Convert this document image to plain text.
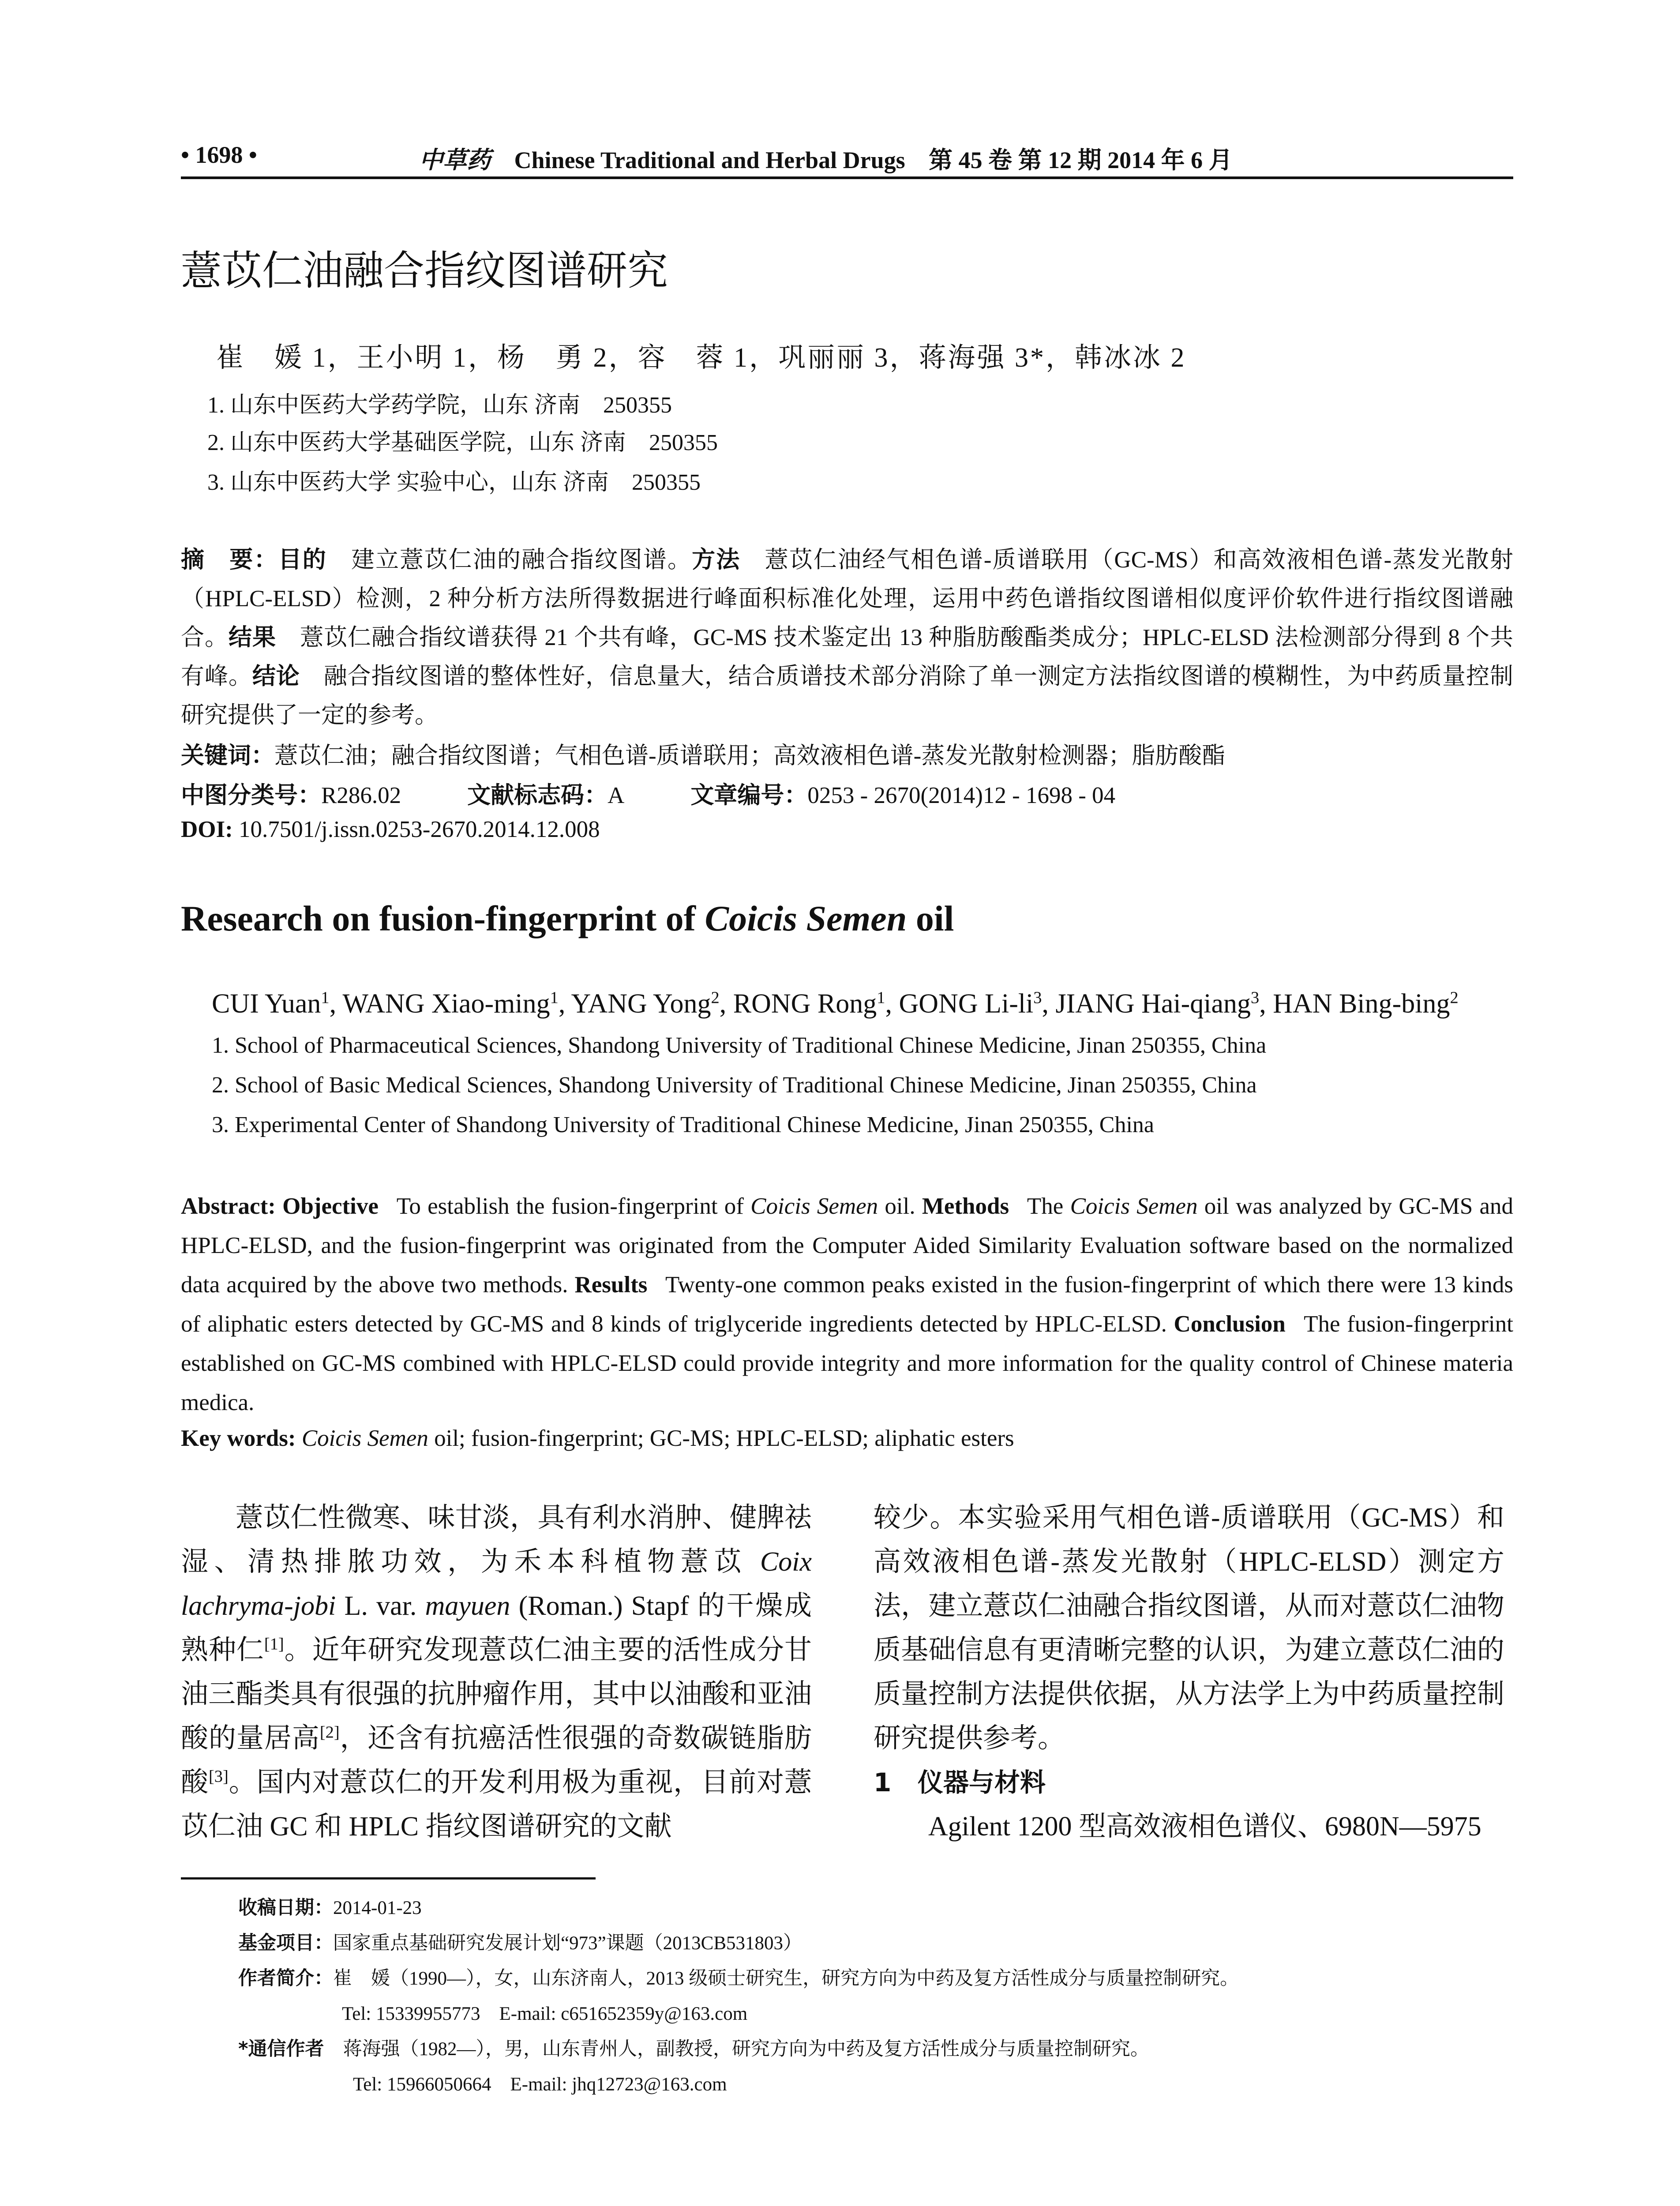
• 1698 •	中草药 Chinese Traditional and Herbal Drugs 第 45 卷 第 12 期 2014 年 6 月
薏苡仁油融合指纹图谱研究
崔　媛 1，王小明 1，杨　勇 2，容　蓉 1，巩丽丽 3，蒋海强 3*，韩冰冰 2
1. 山东中医药大学药学院，山东 济南　250355
2. 山东中医药大学基础医学院，山东 济南　250355
3. 山东中医药大学 实验中心，山东 济南　250355
摘　要：目的  建立薏苡仁油的融合指纹图谱。方法  薏苡仁油经气相色谱-质谱联用（GC-MS）和高效液相色谱-蒸发光散射（HPLC-ELSD）检测，2 种分析方法所得数据进行峰面积标准化处理，运用中药色谱指纹图谱相似度评价软件进行指纹图谱融合。结果  薏苡仁融合指纹谱获得 21 个共有峰，GC-MS 技术鉴定出 13 种脂肪酸酯类成分；HPLC-ELSD 法检测部分得到 8 个共有峰。结论  融合指纹图谱的整体性好，信息量大，结合质谱技术部分消除了单一测定方法指纹图谱的模糊性，为中药质量控制研究提供了一定的参考。
关键词：薏苡仁油；融合指纹图谱；气相色谱-质谱联用；高效液相色谱-蒸发光散射检测器；脂肪酸酯
中图分类号：R286.02	文献标志码：A	文章编号：0253 - 2670(2014)12 - 1698 - 04
DOI: 10.7501/j.issn.0253-2670.2014.12.008
Research on fusion-fingerprint of Coicis Semen oil
CUI Yuan$^1$, WANG Xiao-ming$^1$, YANG Yong$^2$, RONG Rong$^1$, GONG $Li-li^3$, JIANG Hai-qiang$^3$, HAN Bing-bing$^2$
1. School of Pharmaceutical Sciences, Shandong University of Traditional Chinese Medicine, Jinan 250355, China
2. School of Basic Medical Sciences, Shandong University of Traditional Chinese Medicine, Jinan 250355, China
3. Experimental Center of Shandong University of Traditional Chinese Medicine, Jinan 250355, China
Abstract: Objective  To establish the fusion-fingerprint of Coicis Semen oil. Methods  The Coicis Semen oil was analyzed by GC-MS and HPLC-ELSD, and the fusion-fingerprint was originated from the Computer Aided Similarity Evaluation software based on the normalized data acquired by the above two methods. Results  Twenty-one common peaks existed in the fusion-fingerprint of which there were 13 kinds of aliphatic esters detected by GC-MS and 8 kinds of triglyceride ingredients detected by HPLC-ELSD. Conclusion  The fusion-fingerprint established on GC-MS combined with HPLC-ELSD could provide integrity and more information for the quality control of Chinese materia medica.
Key words: Coicis Semen oil; fusion-fingerprint; GC-MS; HPLC-ELSD; aliphatic esters

薏苡仁性微寒、味甘淡，具有利水消肿、健脾祛湿、清热排脓功效，为禾本科植物薏苡 Coix lachryma-jobi L. var. mayuen (Roman.) Stapf 的干燥成熟种仁[1]。近年研究发现薏苡仁油主要的活性成分甘油三酯类具有很强的抗肿瘤作用，其中以油酸和亚油酸的量居高[2]，还含有抗癌活性很强的奇数碳链脂肪酸[3]。国内对薏苡仁的开发利用极为重视，目前对薏苡仁油 GC 和 HPLC 指纹图谱研究的文献

较少。本实验采用气相色谱-质谱联用（GC-MS）和高效液相色谱-蒸发光散射（HPLC-ELSD）测定方法，建立薏苡仁油融合指纹图谱，从而对薏苡仁油物质基础信息有更清晰完整的认识，为建立薏苡仁油的质量控制方法提供依据，从方法学上为中药质量控制研究提供参考。

1 仪器与材料

Agilent 1200 型高效液相色谱仪、6980N—5975

收稿日期：2014-01-23
基金项目：国家重点基础研究发展计划“973”课题（2013CB531803）
作者简介：崔　媛（1990—），女，山东济南人，2013 级硕士研究生，研究方向为中药及复方活性成分与质量控制研究。
Tel: 15339955773　E-mail: c651652359y@163.com
*通信作者  蒋海强（1982—），男，山东青州人，副教授，研究方向为中药及复方活性成分与质量控制研究。
Tel: 15966050664　E-mail: jhq12723@163.com
